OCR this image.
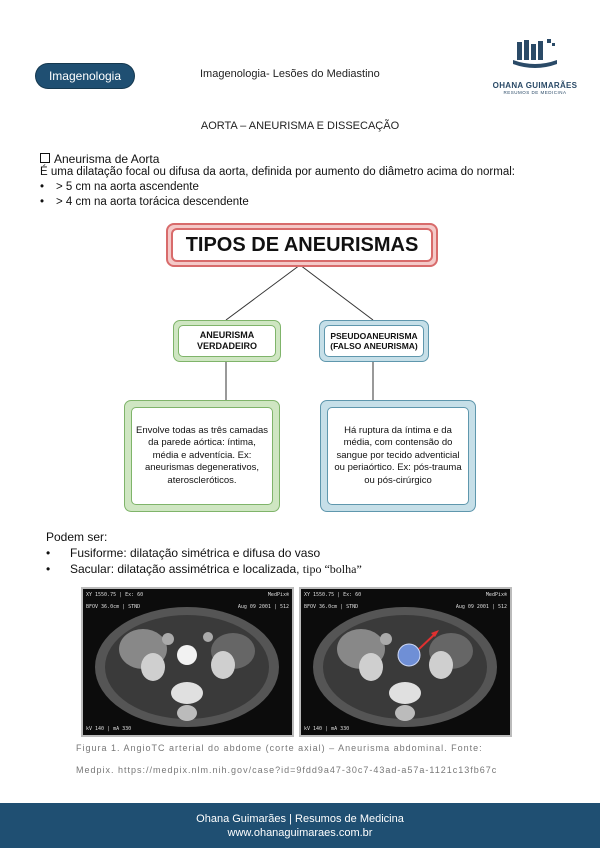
Imagenologia	Imagenologia- Lesões do Mediastino
OHANA GUIMARÃES
RESUMOS DE MEDICINA
AORTA – ANEURISMA E DISSECAÇÃO
Aneurisma de Aorta
É uma dilatação focal ou difusa da aorta, definida por aumento do diâmetro acima do normal:
• > 5 cm na aorta ascendente
• > 4 cm na aorta torácica descendente
TIPOS DE ANEURISMAS
ANEURISMA VERDADEIRO
PSEUDOANEURISMA (FALSO ANEURISMA)
Envolve todas as três camadas da parede aórtica: íntima, média e adventícia. Ex: aneurismas degenerativos, ateroscleróticos.
Há ruptura da íntima e da média, com contensão do sangue por tecido adventicial ou periaórtico. Ex: pós-trauma ou pós-cirúrgico
Podem ser:
• Fusiforme: dilatação simétrica e difusa do vaso
• Sacular: dilatação assimétrica e localizada, tipo “bolha”
XY 1550.75 | Ex: 60
BFOV 36.0cm | STND
MedPix®
Aug 09 2001 | 512
kV 140 | mA 330
XY 1550.75 | Ex: 60
BFOV 36.0cm | STND
MedPix®
Aug 09 2001 | 512
kV 140 | mA 330
Figura 1. AngioTC arterial do abdome (corte axial) – Aneurisma abdominal. Fonte:
Medpix. https://medpix.nlm.nih.gov/case?id=9fdd9a47-30c7-43ad-a57a-1121c13fb67c
Ohana Guimarães | Resumos de Medicina
www.ohanaguimaraes.com.br
